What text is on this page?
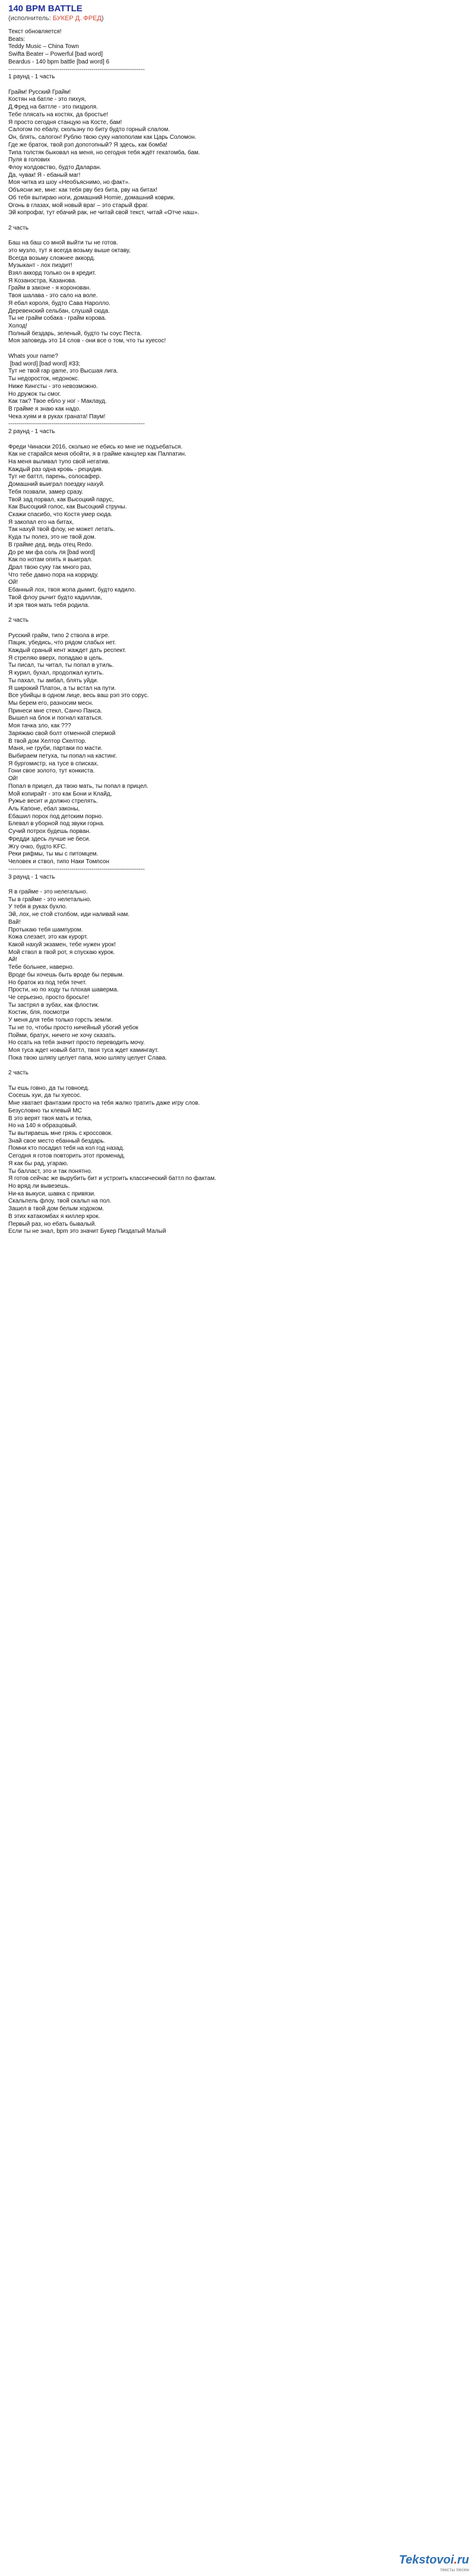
140 BPM BATTLE

(исполнитель: БУКЕР Д. ФРЕД)

Текст обновляется!
Beats:
Teddy Music – China Town
Swifta Beater – Powerful [bad word]
Beardus - 140 bpm battle [bad word] 6
---------------------------------------------------------------------
1 раунд - 1 часть

Грайм! Русский Грайм!
Костян на батле - это пихуя,
Д.Фред на баттле - это пиздюля.
Тебе плясать на костях, да бростье!
Я просто сегодня станцую на Косте, бам!
Салогом по ебалу, скользну по биту будто горный слалом.
Он, блять, салогон! Рублю твою суку напополам как Царь Соломон.
Где же браток, твой рэп допотопный? Я здесь, как бомба!
Типа толстяк быковал на меня, но сегодня тебя ждёт гекатомба, бам.
Пуля в голових
Флоу колдовство, будто Даларан.
Да, чувак! Я - ебаный маг!
Моя читка из шоу «Необъяснимо, но факт».
Объясни же, мне: как тебя рву без бита, рву на битах!
Об тебя вытираю ноги, домашний Homie, домашний коврик.
Огонь в глазах, мой новый враг – это старый фраг.
Эй копрофаг, тут ебачий рак, не читай свой текст, читай «Отче наш».

2 часть

Баш на баш со мной выйти ты не готов.
это музло, тут я всегда возьму выше октаву,
Всегда возьму сложнее аккорд.
Музыкант - лох пиздит!
Взял аккорд только он в кредит.
Я Козаностра, Казанова.
Грайм в законе - я коронован.
Твоя шалава - это сало на воле.
Я ебал короля, будто Сава Наролло.
Деревенский сельбан, слушай сюда.
Ты не грайм собака - грайм корова.
Холод!
Полный бездарь, зеленый, будто ты соус Песта.
Моя заповедь это 14 слов - они все о том, что ты хуесос!

Whats your name?
[bad word] [bad word] #33;
Тут не твой rap game, это Высшая лига.
Ты недоросток, недонокс.
Ниже Кингсты - это невозможно.
Но дружок ты смог.
Как так? Твое ебло у ног - Маклауд.
В грайме я знаю как надо.
Чека хуям и в руках граната! Паум!
---------------------------------------------------------------------
2 раунд - 1 часть

Фреди Чинаски 2016, сколько не ебись ко мне не подъебаться.
Как не старайся меня обойти, я в грайме канцлер как Палпатин.
На меня выливал тупо свой негатив.
Каждый раз одна кровь - рецидив.
Тут не баттл, парень, солосафер.
Домашний выиграл поездку нахуй.
Тебя позвали, замер сразу.
Твой зад порвал, как Высоцкий парус,
Как Высоцкий голос, как Высоцкий струны.
Скажи спасибо, что Костя умер сюда.
Я закопал его на битах,
Так нахуй твой флоу, не может летать.
Куда ты полез, это не твой дом.
В грайме дед, ведь отец Redo.
До ре ми фа соль ля [bad word]
Как по нотам опять я выиграл.
Драл твою суку так много раз,
Что тебе давно пора на корриду.
Ой!
Ебанный лох, твоя жопа дымит, будто кадило.
Твой флоу рычит будто кадиллак,
И зря твоя мать тебя родила.

2 часть

Русский грайм, типо 2 ствола в игре.
Пацик, убедись, что рядом слабых нет.
Каждый сраный кент жаждет дать респект.
Я стреляю вверх, попадаю в цель.
Ты писал, ты читал, ты попал в утиль.
Я курил, бухал, продолжал кутить.
Ты пахал, ты амбал, блять уйди.
Я широкий Платон, а ты встал на пути.
Все убийцы в одном лице, весь ваш рэп это сорус.
Мы берем его, разносим месн.
Принеси мне стекл, Санчо Панса.
Вышел на блок и погнал кататься.
Моя тачка зло, как ???
Заряжаю свой болт отменной спермой
В твой дом Хелтор Скелтор.
Маня, не груби, партаки по масти.
Выбираем петуха, ты попал на кастинг.
Я бургомистр, на тусе в списках.
Гони свое золото, тут конкиста.
Ой!
Попал в прицел, да твою мать, ты попал в прицел.
Мой копирайт - это как Бони и Клайд,
Ружье весит и должно стрелять.
Аль Капоне, ебал законы,
Ебашил порох под детским порно.
Блевал в уборной под звуки горна.
Сучий потрох будешь порван.
Фредди здесь лучше не беси.
Жгу очко, будто KFC.
Реки рифмы, ты мы с питомцем.
Человек и ствол, типо Наки Томпсон
---------------------------------------------------------------------
3 раунд - 1 часть

Я в грайме - это нелегально.
Ты в грайме - это нелетально.
У тебя в руках бухло.
Эй, лох, не стой столбом, иди наливай нам.
Вай!
Протыкаю тебя шампуром.
Кожа слезает, это как курорт.
Какой нахуй экзамен, тебе нужен урок!
Мой ствол в твой рот, я спускаю курок.
Ай!
Тебе больнее, наверно.
Вроде бы хочешь быть вроде бы первым.
Но браток из под тебя течет.
Прости, но по ходу ты плохая шаверма.
Че серьезно, просто бросьте!
Ты застрял в зубах, как флостик.
Костик, бля, посмотри
У меня для тебя только горсть земли.
Ты не то, чтобы просто ничейный убогий уебок
Пойми, братух, ничего не хочу сказать.
Но ссать на тебя значит просто переводить мочу.
Моя туса ждет новый баттл, твоя туса ждет камингаут.
Пока твою шляпу целует папа, мою шляпу целует Слава.

2 часть

Ты ешь говно, да ты говноед.
Сосешь хуи, да ты хуесос.
Мне хватает фантазии просто на тебя жалко тратить даже игру слов.
Безусловно ты клевый МС
В это верят твоя мать и телка,
Но на 140 я образцовый.
Ты вытираешь мне грязь с кроссовок.
Знай свое место ебанный бездарь.
Помни кто посадил тебя на кол год назад.
Сегодня я готов повторить этот променад.
Я как бы рад, угараю.
Ты балласт, это и так понятно.
Я готов сейчас же вырубить бит и устроить классический баттл по фактам.
Но вряд ли вывезешь.
Ни-ка выкуси, шавка с привязи.
Скальпель флоу, твой скальп на пол.
Зашел в твой дом белым ходоком.
В этих катакомбах я киллер крок.
Первый раз, но ебать бывалый.
Если ты не знал, bpm это значит Букер Пиздатый Малый
Tekstovoi.ru
тексты песен
